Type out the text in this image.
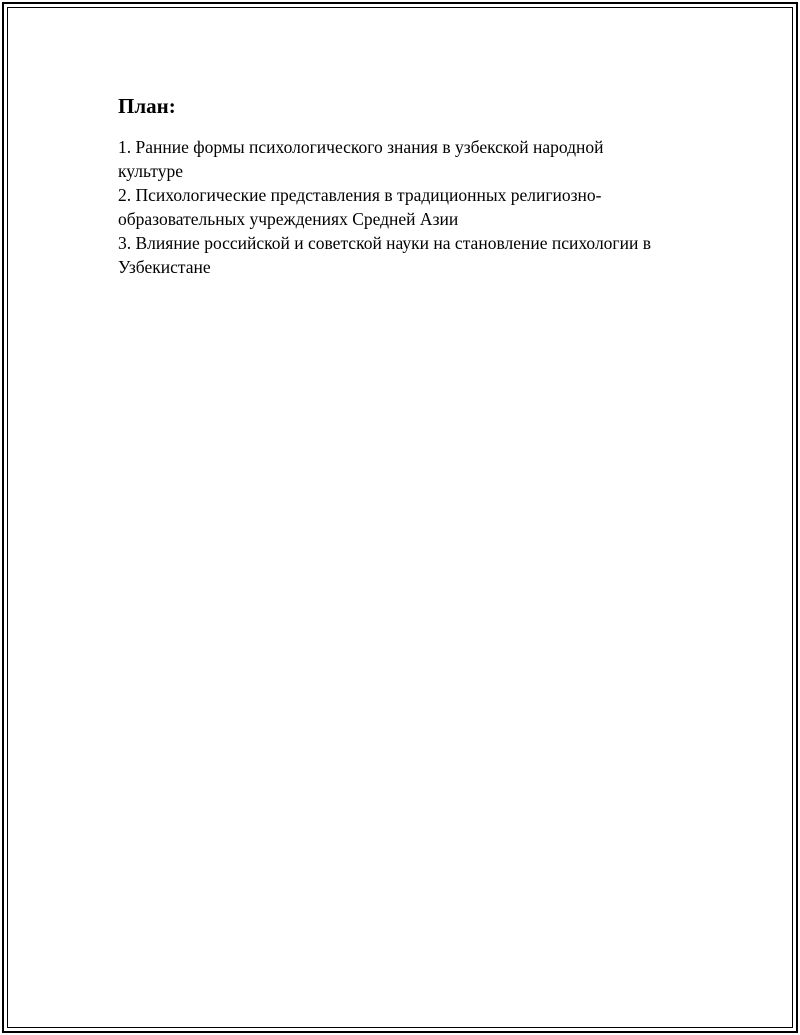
План:
1. Ранние формы психологического знания в узбекской народной
культуре
2. Психологические представления в традиционных религиозно-
образовательных учреждениях Средней Азии
3. Влияние российской и советской науки на становление психологии в
Узбекистане
